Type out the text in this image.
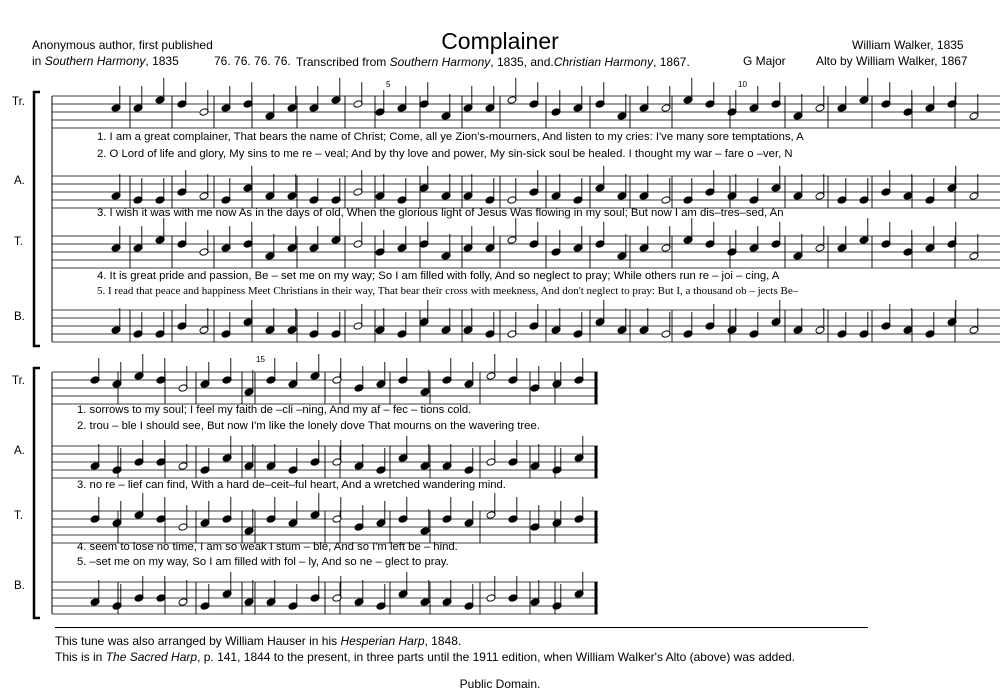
Anonymous author, first published
in Southern Harmony, 1835
Complainer	William Walker, 1835
76. 76. 76. 76. Transcribed from Southern Harmony, 1835, and.Christian Harmony, 1867.	G Major	Alto by William Walker, 1867
5	10
15
Tr.
A.
T.
B.
Tr.
A.
T.
B.
1. I am a great complainer, That bears the name of Christ; Come, all ye Zion's-mourners, And listen to my cries: I've many sore temptations, A
2. O Lord of life and glory, My sins to me re – veal; And by thy love and power, My sin-sick soul be healed. I thought my war – fare o –ver, N
3. I wish it was with me now As in the days of old, When the glorious light of Jesus Was flowing in my soul; But now I am dis–tres–sed, An
4. It is great pride and passion, Be – set me on my way; So I am filled with folly, And so neglect to pray; While others run re – joi – cing, A
5. I read that peace and happiness Meet Christians in their way, That bear their cross with meekness, And don't neglect to pray: But I, a thousand ob – jects Be–
1. sorrows to my soul; I feel my faith de –cli –ning, And my af – fec – tions cold.
2. trou – ble I should see, But now I'm like the lonely dove That mourns on the wavering tree.
3. no re – lief can find, With a hard de–ceit–ful heart, And a wretched wandering mind.
4. seem to lose no time, I am so weak I stum – ble, And so I'm left be – hind.
5. –set me on my way, So I am filled with fol – ly, And so ne – glect to pray.
This tune was also arranged by William Hauser in his Hesperian Harp, 1848.
This is in The Sacred Harp, p. 141, 1844 to the present, in three parts until the 1911 edition, when William Walker's Alto (above) was added.
Public Domain.
